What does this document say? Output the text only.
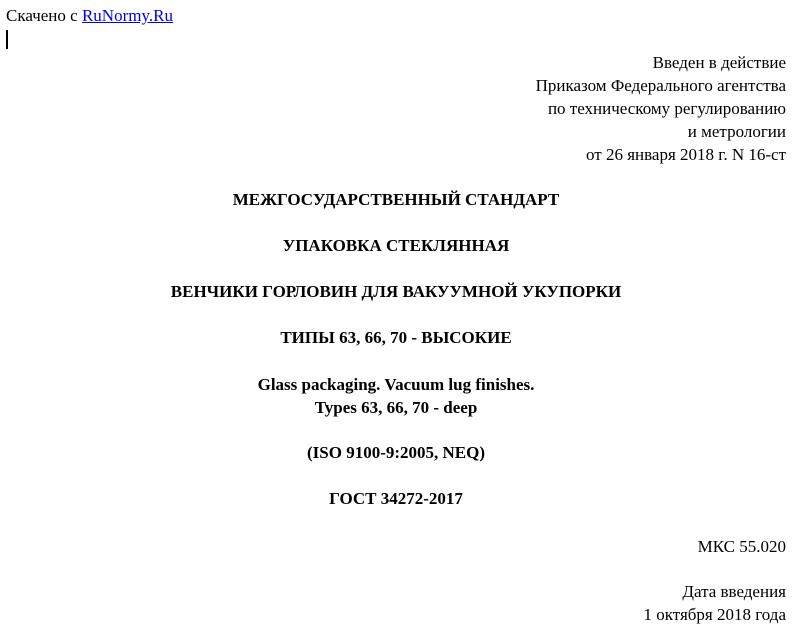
Скачено с RuNormy.Ru
Введен в действие
Приказом Федерального агентства
по техническому регулированию
и метрологии
от 26 января 2018 г. N 16-ст
МЕЖГОСУДАРСТВЕННЫЙ СТАНДАРТ
УПАКОВКА СТЕКЛЯННАЯ
ВЕНЧИКИ ГОРЛОВИН ДЛЯ ВАКУУМНОЙ УКУПОРКИ
ТИПЫ 63, 66, 70 - ВЫСОКИЕ
Glass packaging. Vacuum lug finishes.
Types 63, 66, 70 - deep
(ISO 9100-9:2005, NEQ)
ГОСТ 34272-2017
МКС 55.020
Дата введения
1 октября 2018 года
